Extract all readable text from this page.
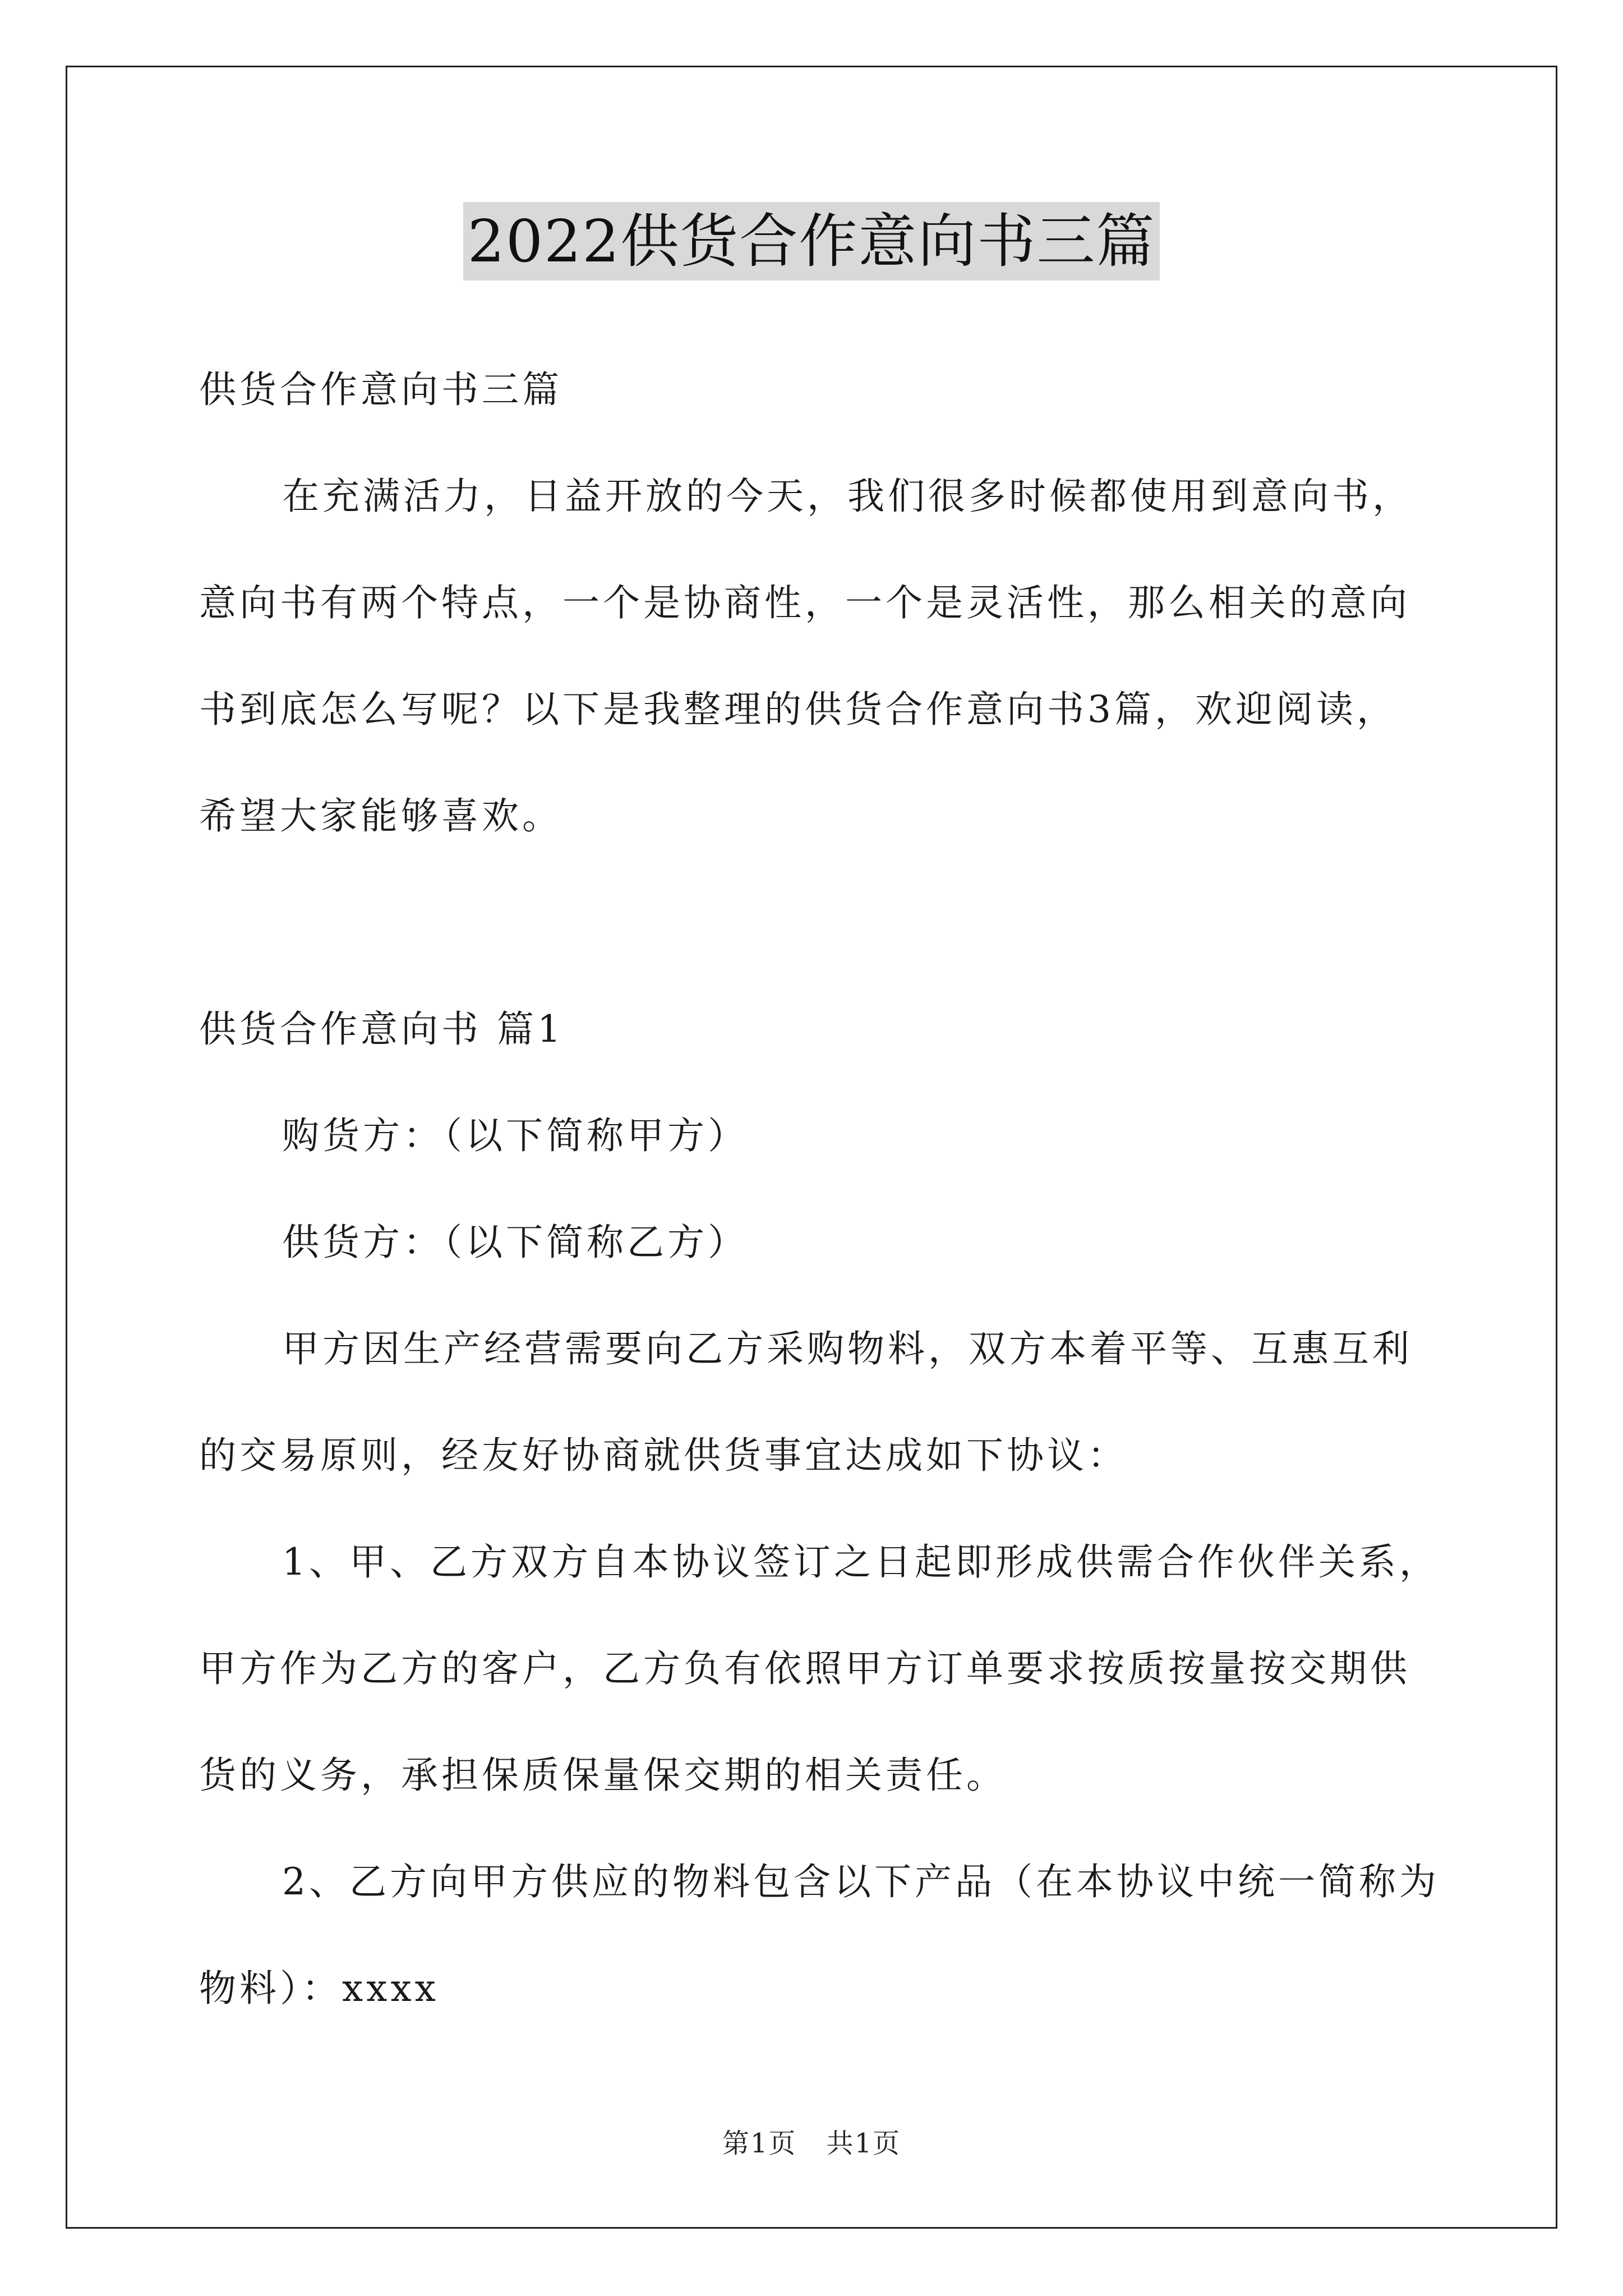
2022供货合作意向书三篇

供货合作意向书三篇

在充满活力，日益开放的今天，我们很多时候都使用到意向书，

意向书有两个特点，一个是协商性，一个是灵活性，那么相关的意向

书到底怎么写呢？以下是我整理的供货合作意向书3篇，欢迎阅读，

希望大家能够喜欢。

供货合作意向书 篇1

购货方：（以下简称甲方）

供货方：（以下简称乙方）

甲方因生产经营需要向乙方采购物料，双方本着平等、互惠互利

的交易原则，经友好协商就供货事宜达成如下协议：

1、甲、乙方双方自本协议签订之日起即形成供需合作伙伴关系，

甲方作为乙方的客户，乙方负有依照甲方订单要求按质按量按交期供

货的义务，承担保质保量保交期的相关责任。

2、乙方向甲方供应的物料包含以下产品（在本协议中统一简称为

物料）：xxxx

第1页 共1页
